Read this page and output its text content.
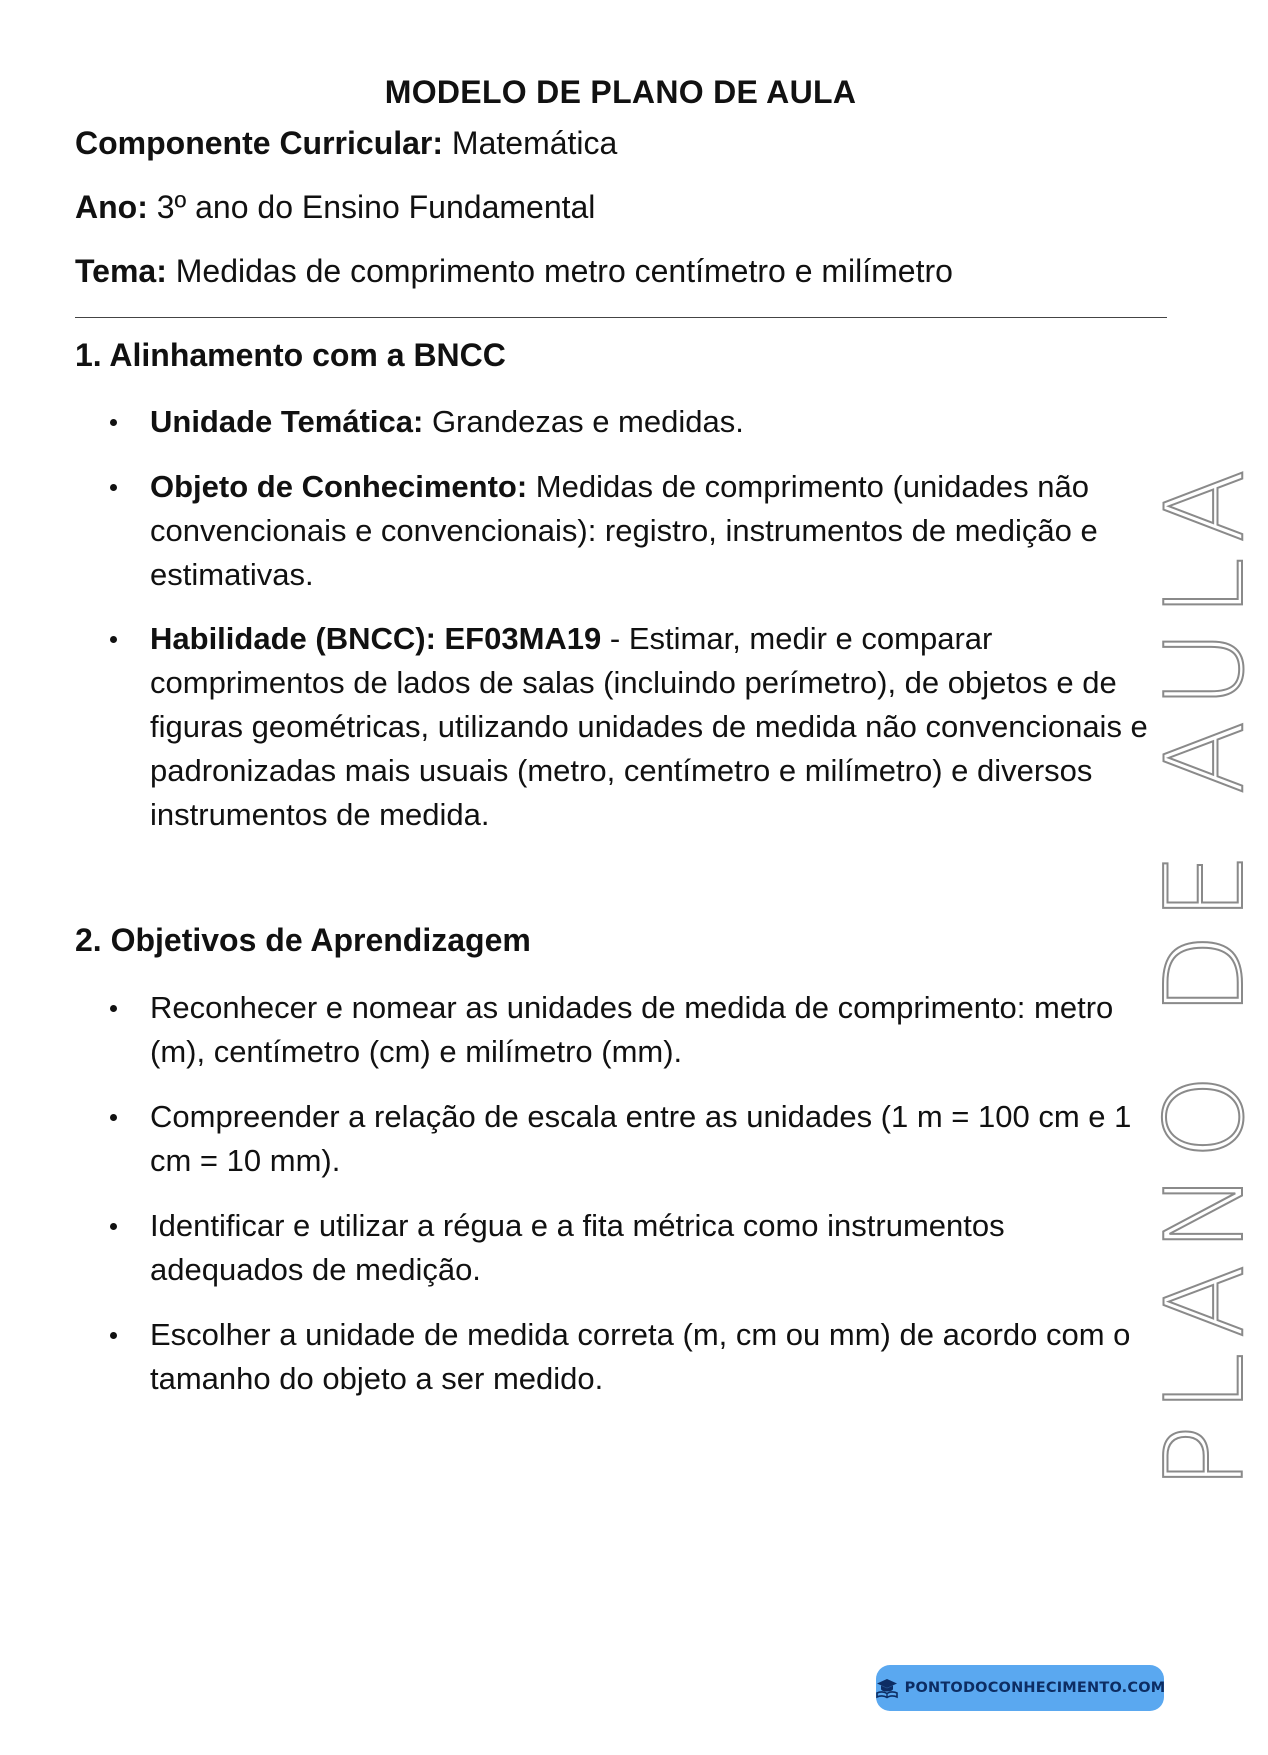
MODELO DE PLANO DE AULA
Componente Curricular: Matemática
Ano: 3º ano do Ensino Fundamental
Tema: Medidas de comprimento metro centímetro e milímetro
1. Alinhamento com a BNCC
Unidade Temática: Grandezas e medidas.
Objeto de Conhecimento: Medidas de comprimento (unidades não convencionais e convencionais): registro, instrumentos de medição e estimativas.
Habilidade (BNCC): EF03MA19 - Estimar, medir e comparar comprimentos de lados de salas (incluindo perímetro), de objetos e de figuras geométricas, utilizando unidades de medida não convencionais e padronizadas mais usuais (metro, centímetro e milímetro) e diversos instrumentos de medida.
2. Objetivos de Aprendizagem
Reconhecer e nomear as unidades de medida de comprimento: metro (m), centímetro (cm) e milímetro (mm).
Compreender a relação de escala entre as unidades (1 m = 100 cm e 1 cm = 10 mm).
Identificar e utilizar a régua e a fita métrica como instrumentos adequados de medição.
Escolher a unidade de medida correta (m, cm ou mm) de acordo com o tamanho do objeto a ser medido.	PLANO DE AULA
PONTODOCONHECIMENTO.COM
